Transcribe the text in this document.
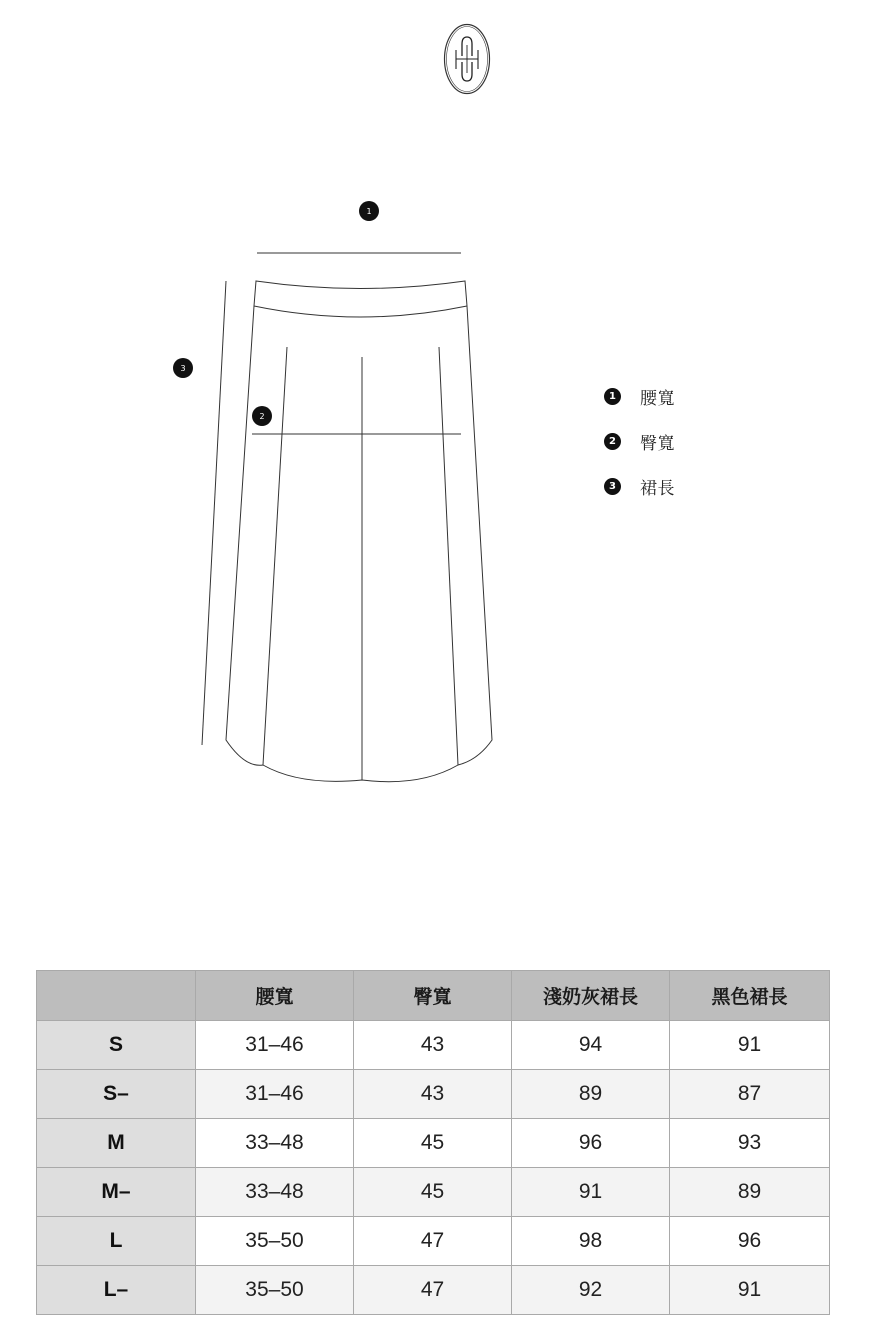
1
2
3
1 腰寬
2 臀寬
3 裙長
	腰寬	臀寬	淺奶灰裙長	黑色裙長
S	31–46	43	94	91
S–	31–46	43	89	87
M	33–48	45	96	93
M–	33–48	45	91	89
L	35–50	47	98	96
L–	35–50	47	92	91
